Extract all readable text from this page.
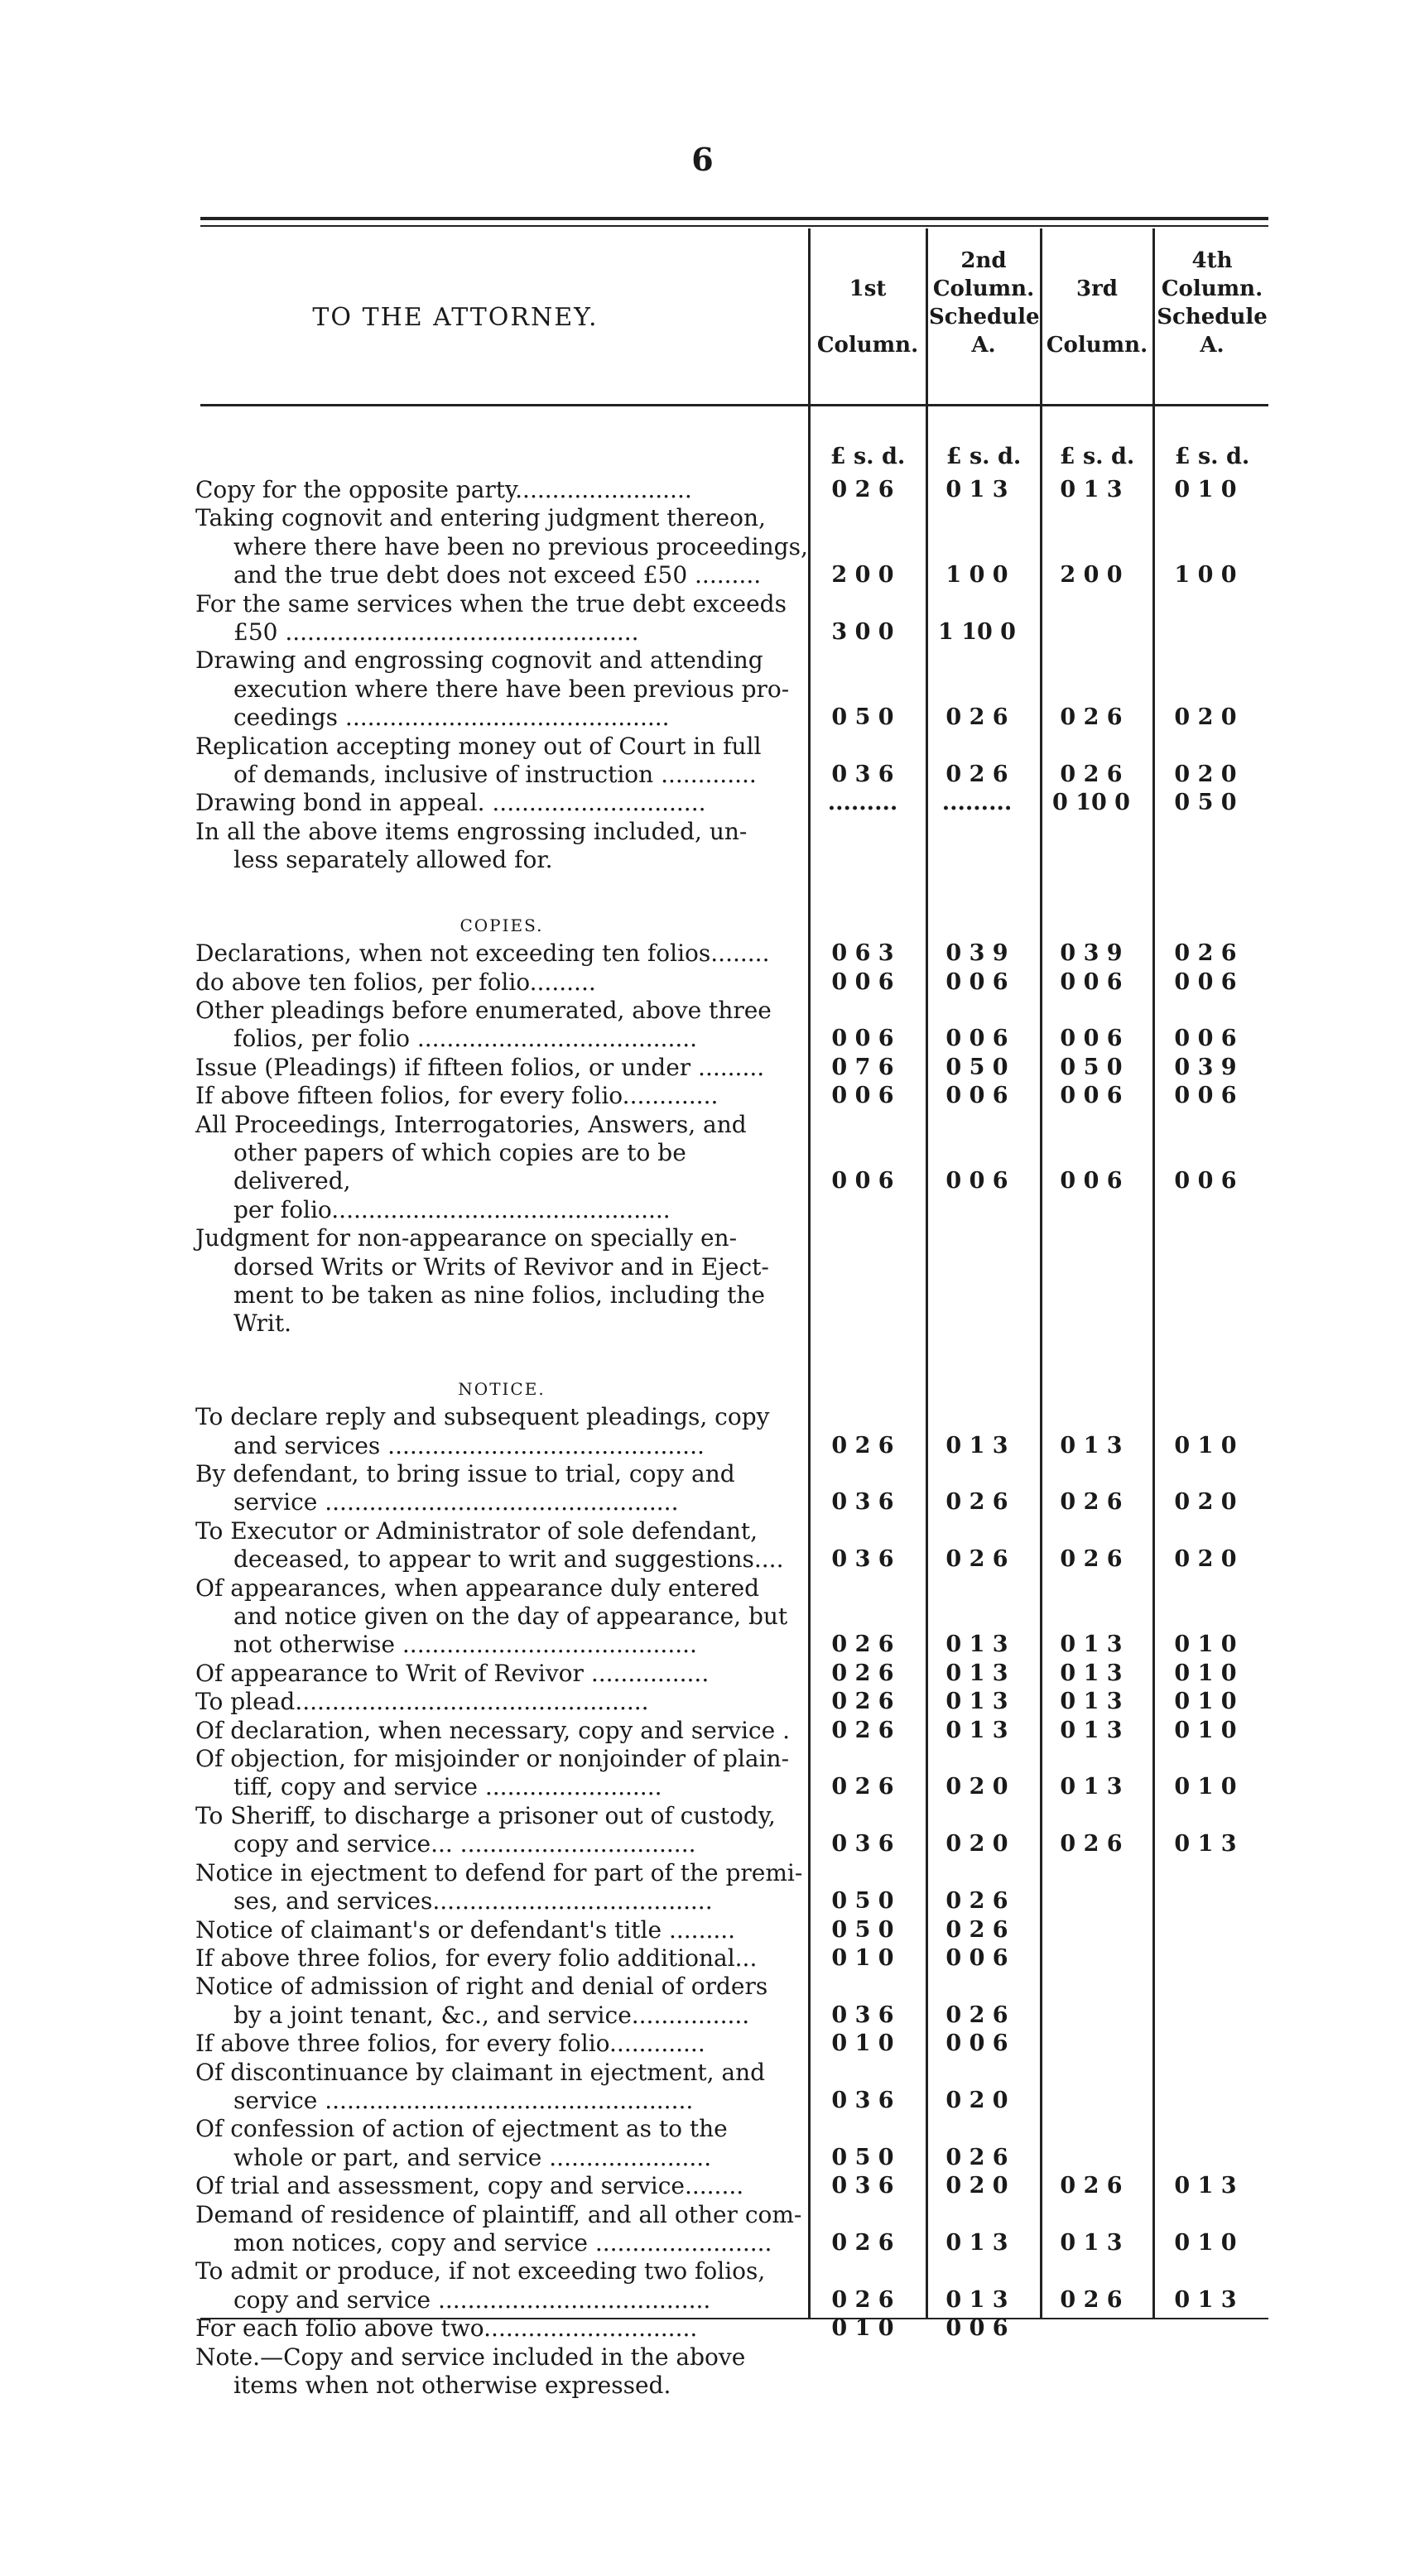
6
TO THE ATTORNEY.
1st
Column.
2nd
Column.
Schedule
A.
3rd
Column.
4th
Column.
Schedule
A.
£ s. d.	£ s. d.	£ s. d.	£ s. d.
Copy for the opposite party........................	0 2 6	0 1 3	0 1 3	0 1 0
Taking cognovit and entering judgment thereon,
where there have been no previous proceedings,
and the true debt does not exceed £50 .........	2 0 0	1 0 0	2 0 0	1 0 0
For the same services when the true debt exceeds
£50 ................................................	3 0 0	1 10 0
Drawing and engrossing cognovit and attending
execution where there have been previous pro-
ceedings ............................................	0 5 0	0 2 6	0 2 6	0 2 0
Replication accepting money out of Court in full
of demands, inclusive of instruction .............	0 3 6	0 2 6	0 2 6	0 2 0
Drawing bond in appeal. .............................	.........	.........	0 10 0	0 5 0
In all the above items engrossing included, un-
less separately allowed for.
COPIES.
Declarations, when not exceeding ten folios........	0 6 3	0 3 9	0 3 9	0 2 6
do above ten folios, per folio.........	0 0 6	0 0 6	0 0 6	0 0 6
Other pleadings before enumerated, above three
folios, per folio ......................................	0 0 6	0 0 6	0 0 6	0 0 6
Issue (Pleadings) if fifteen folios, or under .........	0 7 6	0 5 0	0 5 0	0 3 9
If above fifteen folios, for every folio.............	0 0 6	0 0 6	0 0 6	0 0 6
All Proceedings, Interrogatories, Answers, and
other papers of which copies are to be delivered,
per folio..............................................
0 0 6	0 0 6	0 0 6	0 0 6
Judgment for non-appearance on specially en-
dorsed Writs or Writs of Revivor and in Eject-
ment to be taken as nine folios, including the
Writ.
NOTICE.
To declare reply and subsequent pleadings, copy
and services ...........................................	0 2 6	0 1 3	0 1 3	0 1 0
By defendant, to bring issue to trial, copy and
service ................................................	0 3 6	0 2 6	0 2 6	0 2 0
To Executor or Administrator of sole defendant,
deceased, to appear to writ and suggestions....	0 3 6	0 2 6	0 2 6	0 2 0
Of appearances, when appearance duly entered
and notice given on the day of appearance, but
not otherwise ........................................	0 2 6	0 1 3	0 1 3	0 1 0
Of appearance to Writ of Revivor ................	0 2 6	0 1 3	0 1 3	0 1 0
To plead................................................	0 2 6	0 1 3	0 1 3	0 1 0
Of declaration, when necessary, copy and service .	0 2 6	0 1 3	0 1 3	0 1 0
Of objection, for misjoinder or nonjoinder of plain-
tiff, copy and service ........................	0 2 6	0 2 0	0 1 3	0 1 0
To Sheriff, to discharge a prisoner out of custody,
copy and service... ................................	0 3 6	0 2 0	0 2 6	0 1 3
Notice in ejectment to defend for part of the premi-
ses, and services......................................	0 5 0	0 2 6
Notice of claimant's or defendant's title .........	0 5 0	0 2 6
If above three folios, for every folio additional...	0 1 0	0 0 6
Notice of admission of right and denial of orders
by a joint tenant, &c., and service................	0 3 6	0 2 6
If above three folios, for every folio.............	0 1 0	0 0 6
Of discontinuance by claimant in ejectment, and
service ..................................................	0 3 6	0 2 0
Of confession of action of ejectment as to the
whole or part, and service ......................	0 5 0	0 2 6
Of trial and assessment, copy and service........	0 3 6	0 2 0	0 2 6	0 1 3
Demand of residence of plaintiff, and all other com-
mon notices, copy and service ........................	0 2 6	0 1 3	0 1 3	0 1 0
To admit or produce, if not exceeding two folios,
copy and service .....................................	0 2 6	0 1 3	0 2 6	0 1 3
For each folio above two.............................	0 1 0	0 0 6
Note.—Copy and service included in the above
items when not otherwise expressed.
